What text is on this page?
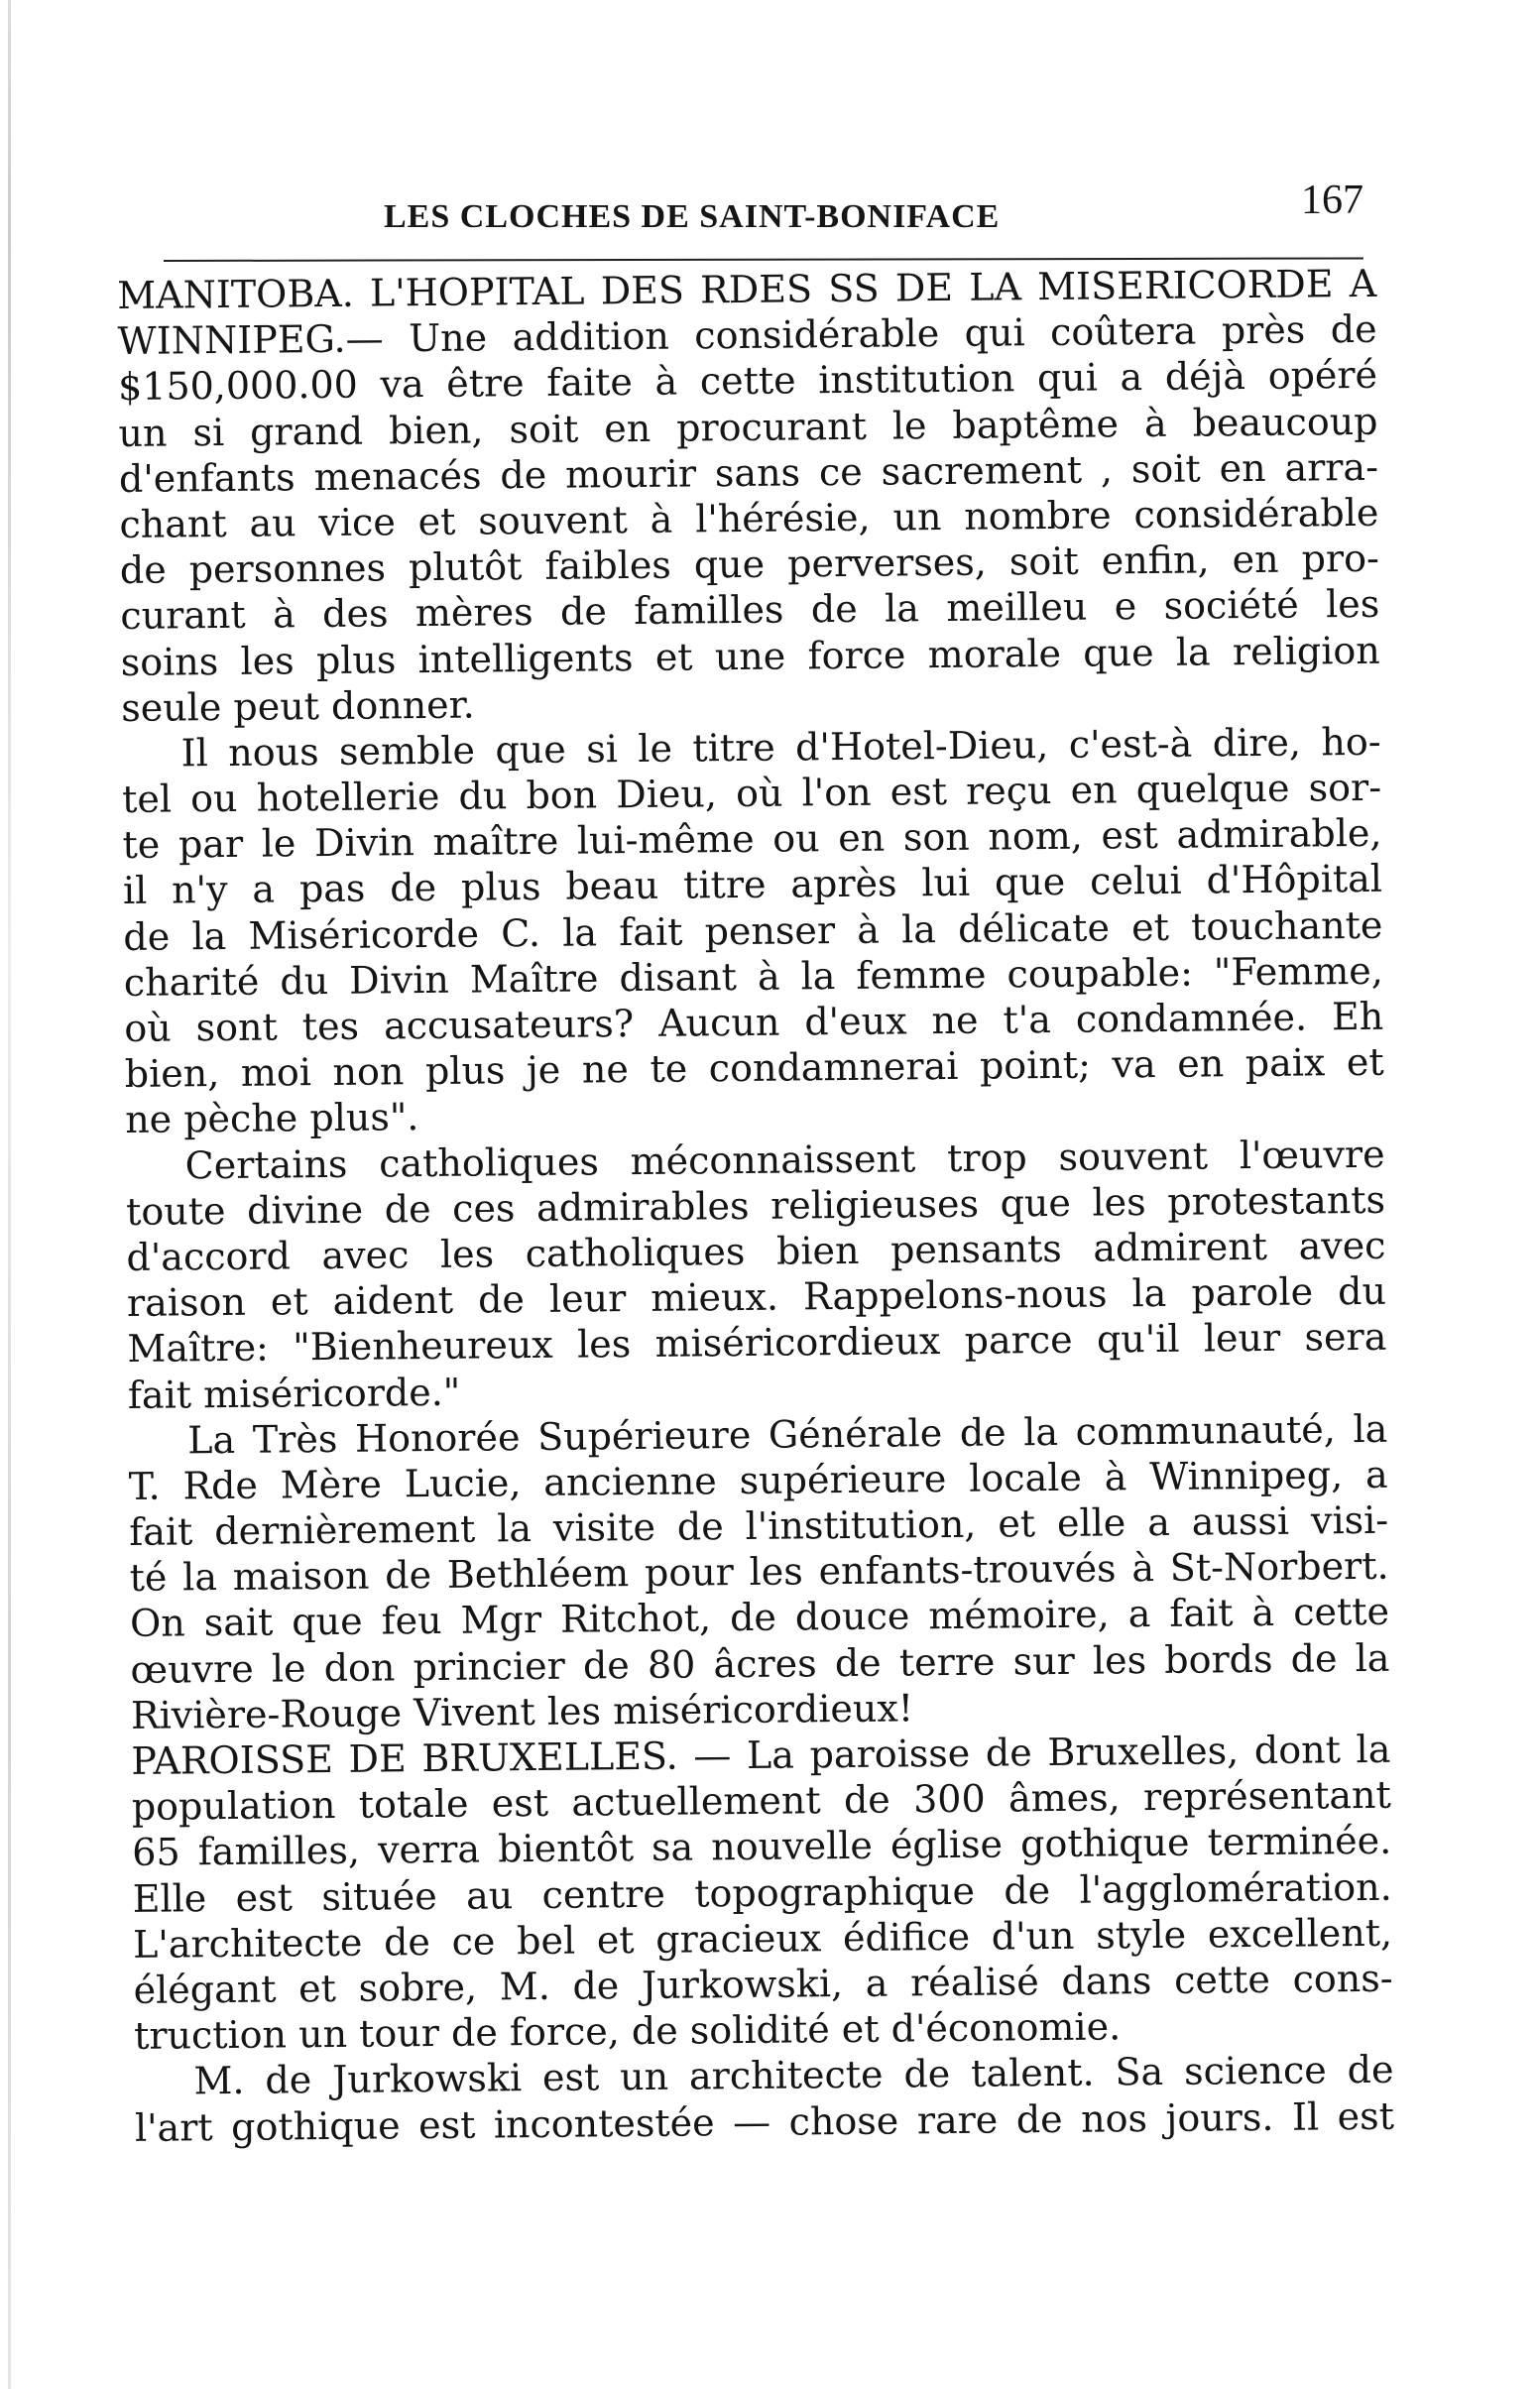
LES CLOCHES DE SAINT-BONIFACE	167
MANITOBA. L'HOPITAL DES RDES SS DE LA MISERICORDE A
WINNIPEG.— Une addition considérable qui coûtera près de
$150,000.00 va être faite à cette institution qui a déjà opéré
un si grand bien, soit en procurant le baptême à beaucoup
d'enfants menacés de mourir sans ce sacrement , soit en arra-
chant au vice et souvent à l'hérésie, un nombre considérable
de personnes plutôt faibles que perverses, soit enfin, en pro-
curant à des mères de familles de la meilleu e société les
soins les plus intelligents et une force morale que la religion
seule peut donner.
Il nous semble que si le titre d'Hotel-Dieu, c'est-à dire, ho-
tel ou hotellerie du bon Dieu, où l'on est reçu en quelque sor-
te par le Divin maître lui-même ou en son nom, est admirable,
il n'y a pas de plus beau titre après lui que celui d'Hôpital
de la Miséricorde C. la fait penser à la délicate et touchante
charité du Divin Maître disant à la femme coupable: "Femme,
où sont tes accusateurs? Aucun d'eux ne t'a condamnée. Eh
bien, moi non plus je ne te condamnerai point; va en paix et
ne pèche plus".
Certains catholiques méconnaissent trop souvent l'œuvre
toute divine de ces admirables religieuses que les protestants
d'accord avec les catholiques bien pensants admirent avec
raison et aident de leur mieux. Rappelons-nous la parole du
Maître: "Bienheureux les miséricordieux parce qu'il leur sera
fait miséricorde."
La Très Honorée Supérieure Générale de la communauté, la
T. Rde Mère Lucie, ancienne supérieure locale à Winnipeg, a
fait dernièrement la visite de l'institution, et elle a aussi visi-
té la maison de Bethléem pour les enfants-trouvés à St-Norbert.
On sait que feu Mgr Ritchot, de douce mémoire, a fait à cette
œuvre le don princier de 80 âcres de terre sur les bords de la
Rivière-Rouge Vivent les miséricordieux!
PAROISSE DE BRUXELLES. — La paroisse de Bruxelles, dont la
population totale est actuellement de 300 âmes, représentant
65 familles, verra bientôt sa nouvelle église gothique terminée.
Elle est située au centre topographique de l'agglomération.
L'architecte de ce bel et gracieux édifice d'un style excellent,
élégant et sobre, M. de Jurkowski, a réalisé dans cette cons-
truction un tour de force, de solidité et d'économie.
M. de Jurkowski est un architecte de talent. Sa science de
l'art gothique est incontestée — chose rare de nos jours. Il est
